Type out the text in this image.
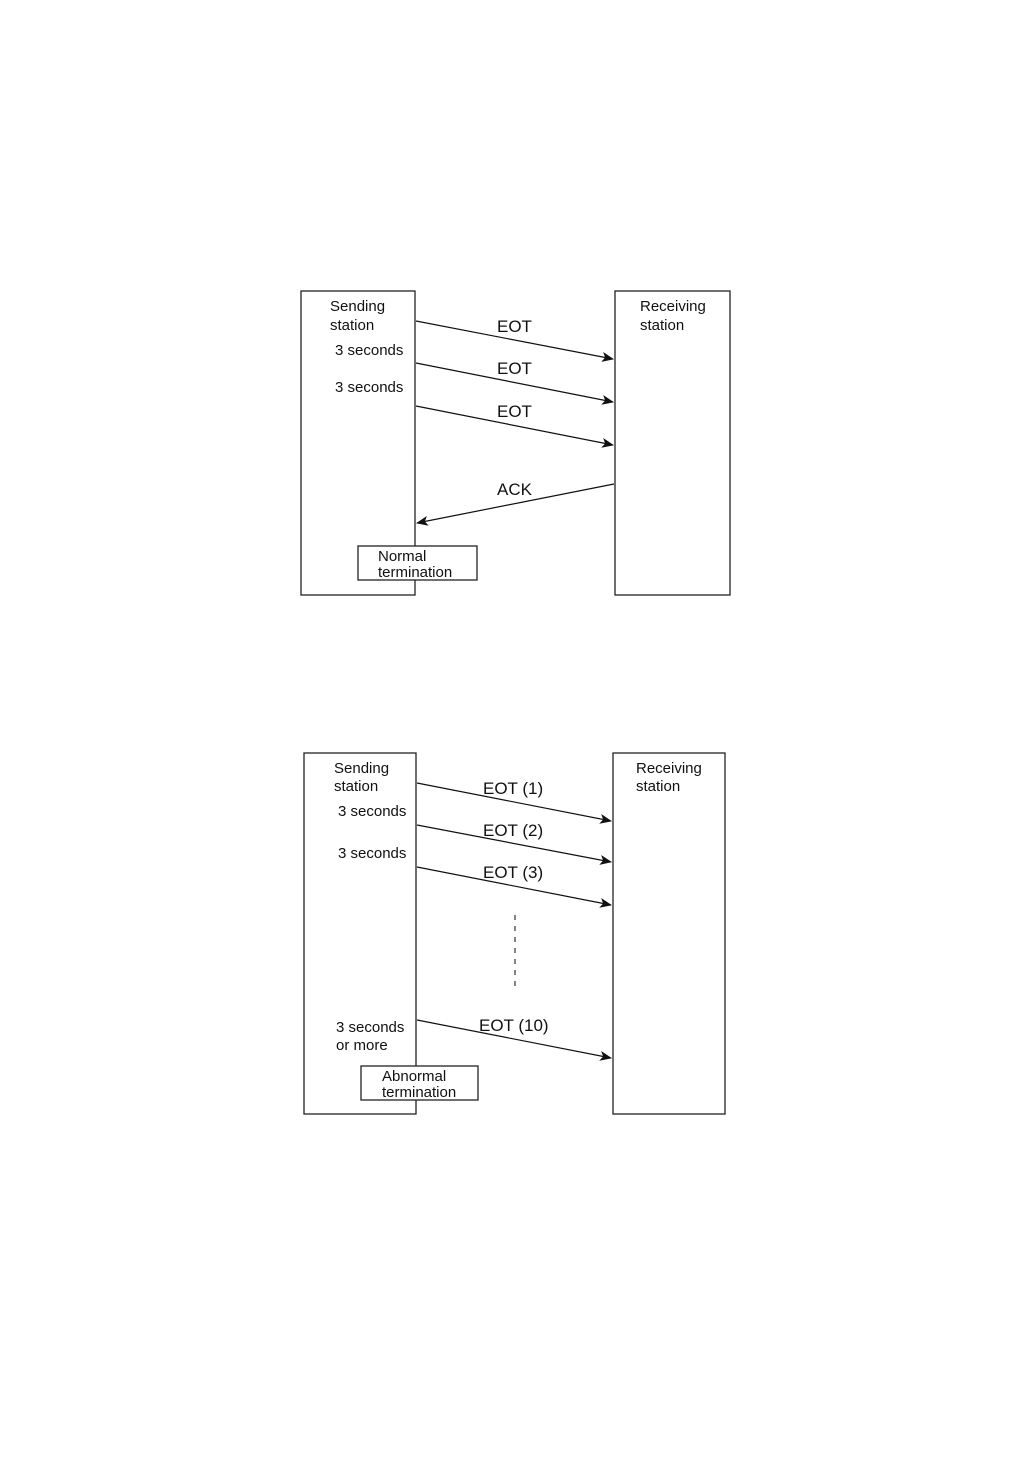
Sending
station
Receiving
station
3 seconds
3 seconds
EOT
EOT
EOT
ACK
Normal
termination
Sending
station
Receiving
station
3 seconds
3 seconds
EOT (1)
EOT (2)
EOT (3)
EOT (10)
3 seconds
or more
Abnormal
termination
